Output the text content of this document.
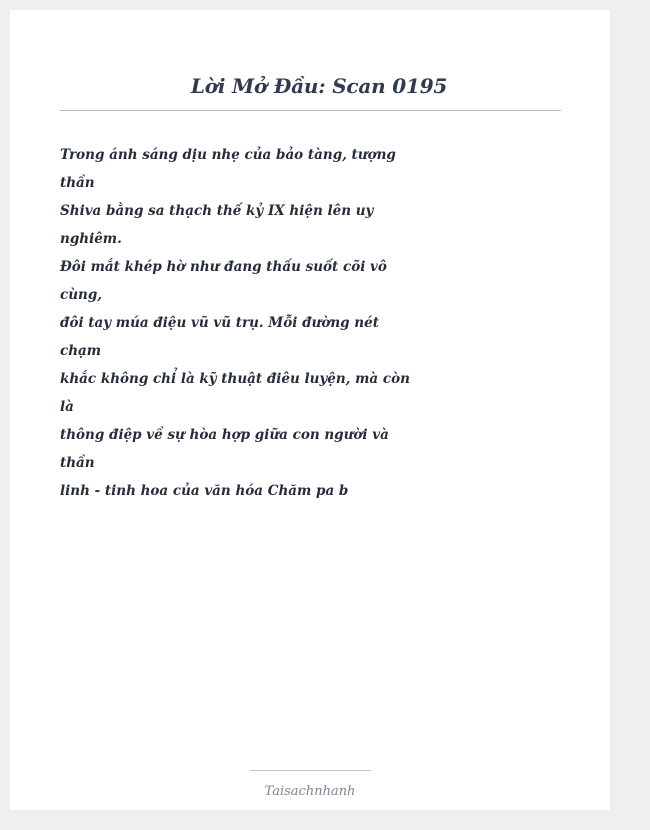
Lời Mở Đầu: Scan 0195
Trong ánh sáng dịu nhẹ của bảo tàng, tượng
thần
Shiva bằng sa thạch thế kỷ IX hiện lên uy
nghiêm.
Đôi mắt khép hờ như đang thấu suốt cõi vô
cùng,
đôi tay múa điệu vũ vũ trụ. Mỗi đường nét
chạm
khắc không chỉ là kỹ thuật điêu luyện, mà còn
là
thông điệp về sự hòa hợp giữa con người và
thần
linh - tinh hoa của văn hóa Chăm pa b
Taisachnhanh
